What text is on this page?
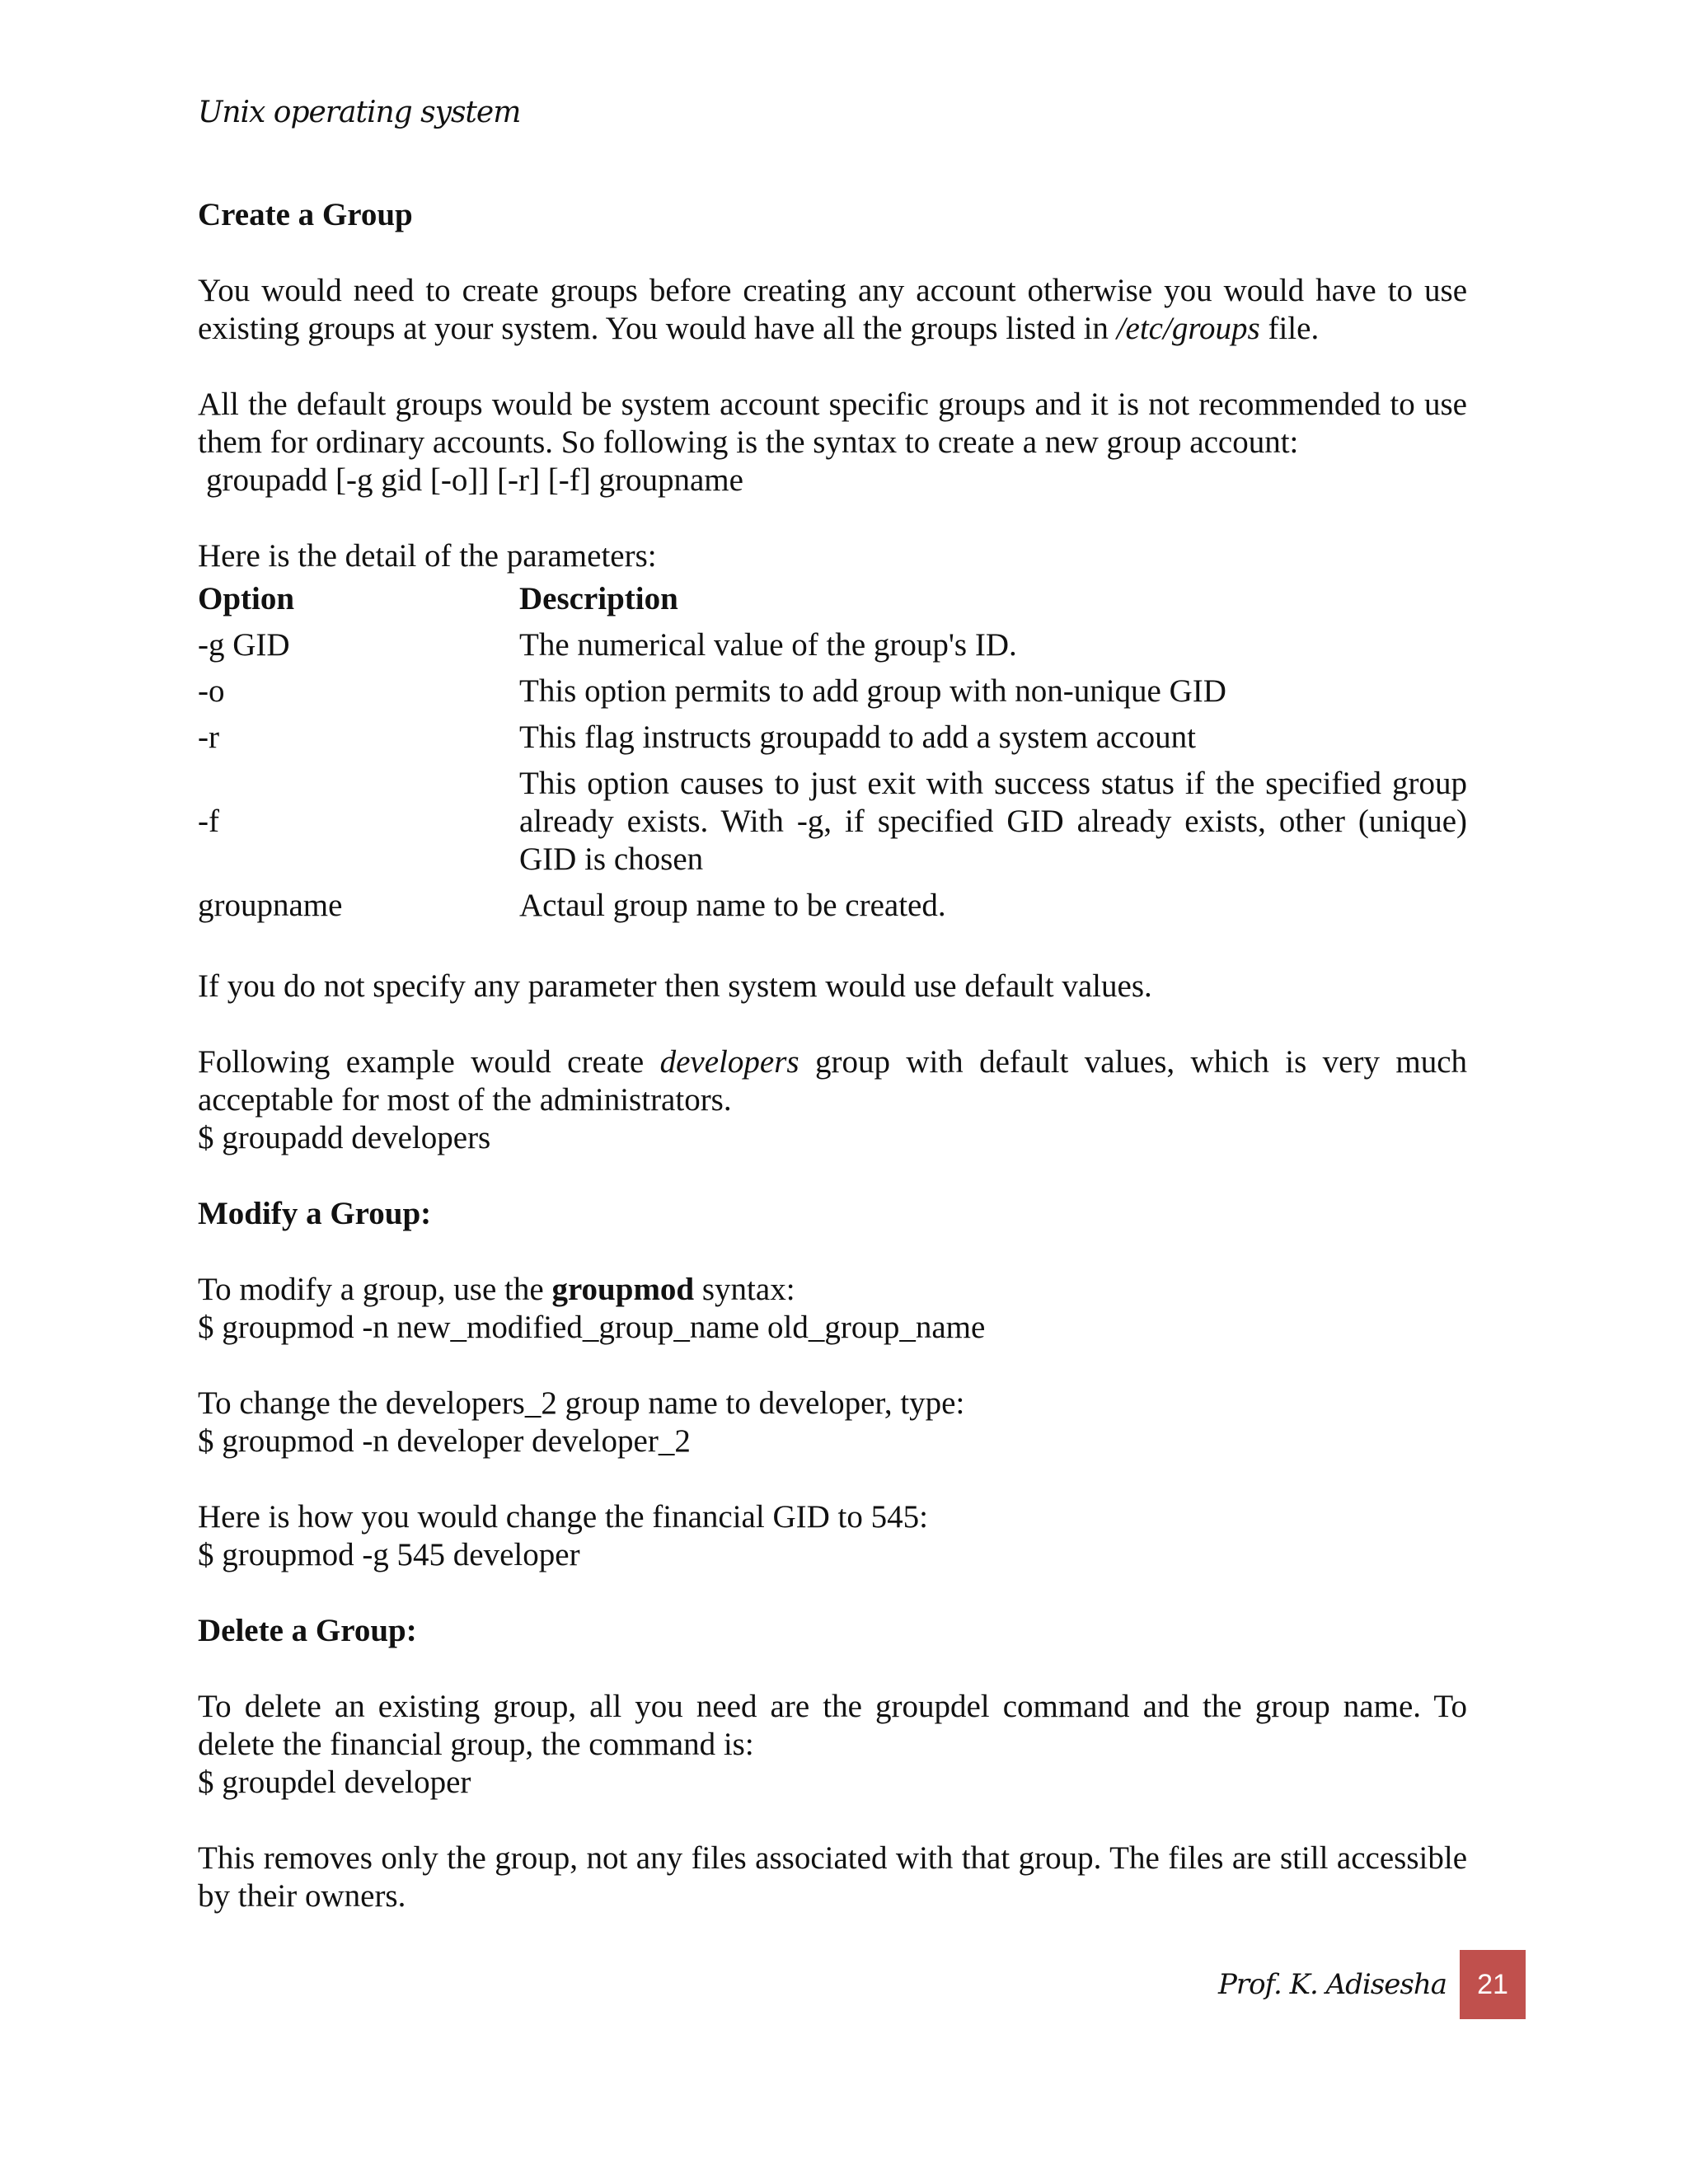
Unix operating system
Create a Group

You would need to create groups before creating any account otherwise you would have to use existing groups at your system. You would have all the groups listed in /etc/groups file.

All the default groups would be system account specific groups and it is not recommended to use them for ordinary accounts. So following is the syntax to create a new group account:
groupadd [-g gid [-o]] [-r] [-f] groupname

Here is the detail of the parameters:
Option	Description
-g GID	The numerical value of the group's ID.
-o	This option permits to add group with non-unique GID
-r	This flag instructs groupadd to add a system account
-f	This option causes to just exit with success status if the specified group already exists. With -g, if specified GID already exists, other (unique) GID is chosen
groupname	Actaul group name to be created.

If you do not specify any parameter then system would use default values.

Following example would create developers group with default values, which is very much acceptable for most of the administrators.
$ groupadd developers

Modify a Group:

To modify a group, use the groupmod syntax:
$ groupmod -n new_modified_group_name old_group_name

To change the developers_2 group name to developer, type:
$ groupmod -n developer developer_2

Here is how you would change the financial GID to 545:
$ groupmod -g 545 developer

Delete a Group:

To delete an existing group, all you need are the groupdel command and the group name. To delete the financial group, the command is:
$ groupdel developer

This removes only the group, not any files associated with that group. The files are still accessible by their owners.

Prof. K. Adisesha	21
